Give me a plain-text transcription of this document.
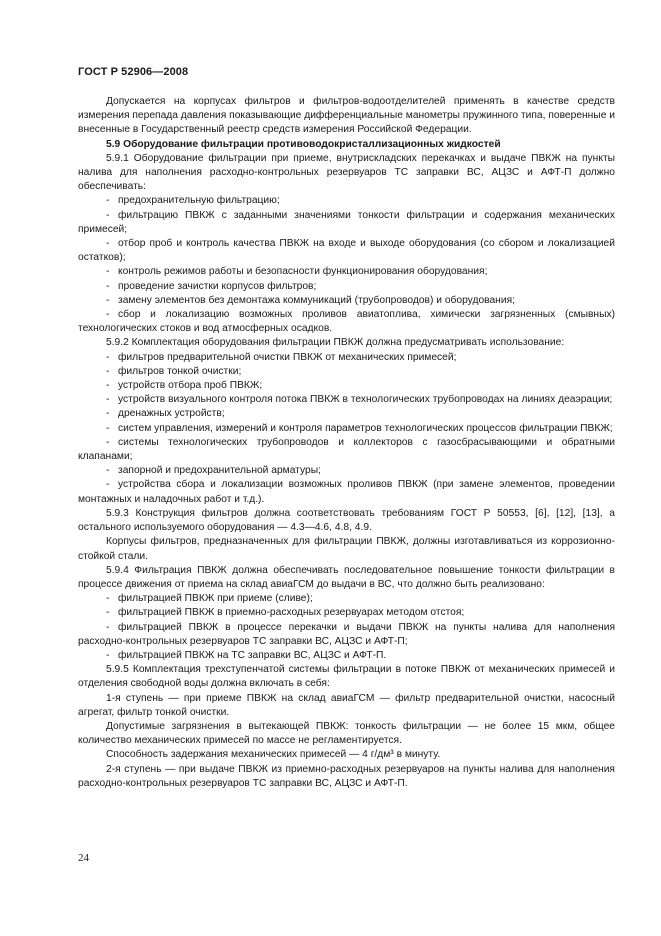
ГОСТ Р 52906—2008

Допускается на корпусах фильтров и фильтров-водоотделителей применять в качестве средств измерения перепада давления показывающие дифференциальные манометры пружинного типа, поверенные и внесенные в Государственный реестр средств измерения Российской Федерации.

5.9 Оборудование фильтрации противоводокристаллизационных жидкостей

5.9.1 Оборудование фильтрации при приеме, внутрискладских перекачках и выдаче ПВКЖ на пункты налива для наполнения расходно-контрольных резервуаров ТС заправки ВС, АЦЗС и АФТ-П должно обеспечивать:

- предохранительную фильтрацию;

- фильтрацию ПВКЖ с заданными значениями тонкости фильтрации и содержания механических примесей;

- отбор проб и контроль качества ПВКЖ на входе и выходе оборудования (со сбором и локализацией остатков);

- контроль режимов работы и безопасности функционирования оборудования;

- проведение зачистки корпусов фильтров;

- замену элементов без демонтажа коммуникаций (трубопроводов) и оборудования;

- сбор и локализацию возможных проливов авиатоплива, химически загрязненных (смывных) технологических стоков и вод атмосферных осадков.

5.9.2 Комплектация оборудования фильтрации ПВКЖ должна предусматривать использование:

- фильтров предварительной очистки ПВКЖ от механических примесей;

- фильтров тонкой очистки;

- устройств отбора проб ПВКЖ;

- устройств визуального контроля потока ПВКЖ в технологических трубопроводах на линиях деаэрации;

- дренажных устройств;

- систем управления, измерений и контроля параметров технологических процессов фильтрации ПВКЖ;

- системы технологических трубопроводов и коллекторов с газосбрасывающими и обратными клапанами;

- запорной и предохранительной арматуры;

- устройства сбора и локализации возможных проливов ПВКЖ (при замене элементов, проведении монтажных и наладочных работ и т.д.).

5.9.3 Конструкция фильтров должна соответствовать требованиям ГОСТ Р 50553, [6], [12], [13], а остального используемого оборудования — 4.3—4.6, 4.8, 4.9.

Корпусы фильтров, предназначенных для фильтрации ПВКЖ, должны изготавливаться из коррозионно-стойкой стали.

5.9.4 Фильтрация ПВКЖ должна обеспечивать последовательное повышение тонкости фильтрации в процессе движения от приема на склад авиаГСМ до выдачи в ВС, что должно быть реализовано:

- фильтрацией ПВКЖ при приеме (сливе);

- фильтрацией ПВКЖ в приемно-расходных резервуарах методом отстоя;

- фильтрацией ПВКЖ в процессе перекачки и выдачи ПВКЖ на пункты налива для наполнения расходно-контрольных резервуаров ТС заправки ВС, АЦЗС и АФТ-П;

- фильтрацией ПВКЖ на ТС заправки ВС, АЦЗС и АФТ-П.

5.9.5 Комплектация трехступенчатой системы фильтрации в потоке ПВКЖ от механических примесей и отделения свободной воды должна включать в себя:

1-я ступень — при приеме ПВКЖ на склад авиаГСМ — фильтр предварительной очистки, насосный агрегат, фильтр тонкой очистки.

Допустимые загрязнения в вытекающей ПВКЖ: тонкость фильтрации — не более 15 мкм, общее количество механических примесей по массе не регламентируется.

Способность задержания механических примесей — 4 г/дм³ в минуту.

2-я ступень — при выдаче ПВКЖ из приемно-расходных резервуаров на пункты налива для наполнения расходно-контрольных резервуаров ТС заправки ВС, АЦЗС и АФТ-П.

24
